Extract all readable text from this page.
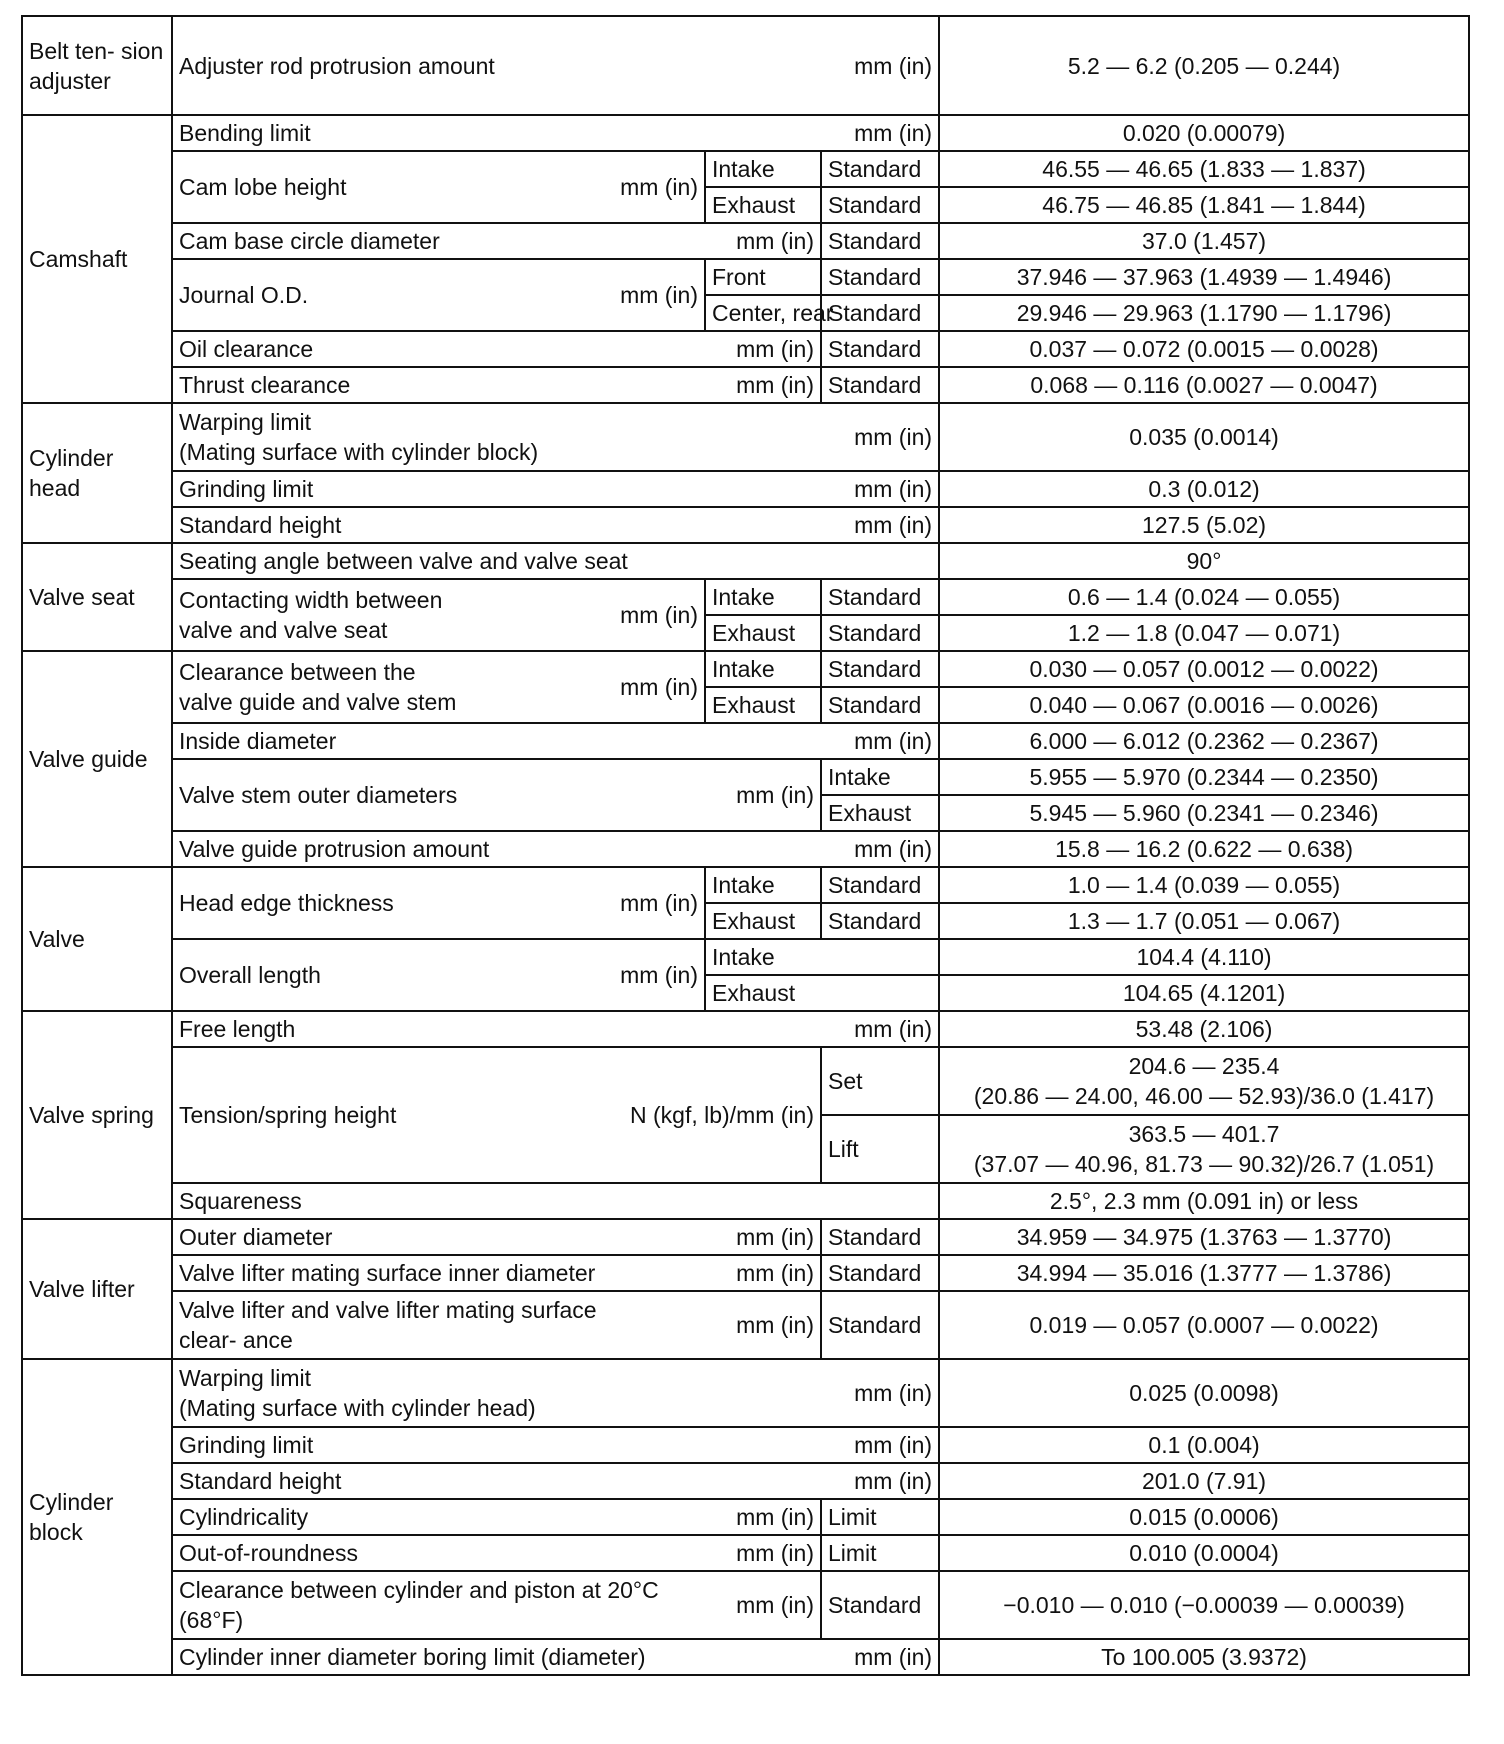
Belt ten- sion adjuster	Adjuster rod protrusion amount mm (in)			5.2 — 6.2 (0.205 — 0.244)
Camshaft	Bending limit mm (in)			0.020 (0.00079)

	Cam lobe height mm (in)	Intake	Standard	46.55 — 46.65 (1.833 — 1.837)
		Exhaust	Standard	46.75 — 46.85 (1.841 — 1.844)

	Cam base circle diameter mm (in)		Standard	37.0 (1.457)

	Journal O.D. mm (in)	Front	Standard	37.946 — 37.963 (1.4939 — 1.4946)
		Center, rear	Standard	29.946 — 29.963 (1.1790 — 1.1796)

	Oil clearance mm (in)		Standard	0.037 — 0.072 (0.0015 — 0.0028)

	Thrust clearance mm (in)		Standard	0.068 — 0.116 (0.0027 — 0.0047)
Cylinder head	Warping limit
(Mating surface with cylinder block)
mm (in)			0.035 (0.0014)

	Grinding limit mm (in)			0.3 (0.012)

	Standard height mm (in)			127.5 (5.02)
Valve seat	Seating angle between valve and valve seat			90°

	Contacting width between
valve and valve seat
mm (in)	Intake	Standard	0.6 — 1.4 (0.024 — 0.055)
		Exhaust	Standard	1.2 — 1.8 (0.047 — 0.071)
Valve guide	Clearance between the
valve guide and valve stem
mm (in)	Intake	Standard	0.030 — 0.057 (0.0012 — 0.0022)
		Exhaust	Standard	0.040 — 0.067 (0.0016 — 0.0026)

	Inside diameter mm (in)			6.000 — 6.012 (0.2362 — 0.2367)

	Valve stem outer diameters mm (in)		Intake	5.955 — 5.970 (0.2344 — 0.2350)
			Exhaust	5.945 — 5.960 (0.2341 — 0.2346)

	Valve guide protrusion amount mm (in)			15.8 — 16.2 (0.622 — 0.638)
Valve	Head edge thickness mm (in)	Intake	Standard	1.0 — 1.4 (0.039 — 0.055)
		Exhaust	Standard	1.3 — 1.7 (0.051 — 0.067)

	Overall length mm (in)	Intake		104.4 (4.110)
		Exhaust		104.65 (4.1201)
Valve spring	Free length mm (in)			53.48 (2.106)

	Tension/spring height N (kgf, lb)/mm (in)		Set	204.6 — 235.4
(20.86 — 24.00, 46.00 — 52.93)/36.0 (1.417)

			Lift	363.5 — 401.7
(37.07 — 40.96, 81.73 — 90.32)/26.7 (1.051)

	Squareness			2.5°, 2.3 mm (0.091 in) or less
Valve lifter	Outer diameter mm (in)		Standard	34.959 — 34.975 (1.3763 — 1.3770)

	Valve lifter mating surface inner diameter mm (in)		Standard	34.994 — 35.016 (1.3777 — 1.3786)

	Valve lifter and valve lifter mating surface clear- ance
mm (in)		Standard	0.019 — 0.057 (0.0007 — 0.0022)
Cylinder block	Warping limit
(Mating surface with cylinder head)
mm (in)			0.025 (0.0098)

	Grinding limit mm (in)			0.1 (0.004)

	Standard height mm (in)			201.0 (7.91)

	Cylindricality mm (in)		Limit	0.015 (0.0006)

	Out-of-roundness mm (in)		Limit	0.010 (0.0004)

	Clearance between cylinder and piston at 20°C (68°F)
mm (in)		Standard	−0.010 — 0.010 (−0.00039 — 0.00039)

	Cylinder inner diameter boring limit (diameter) mm (in)			To 100.005 (3.9372)
